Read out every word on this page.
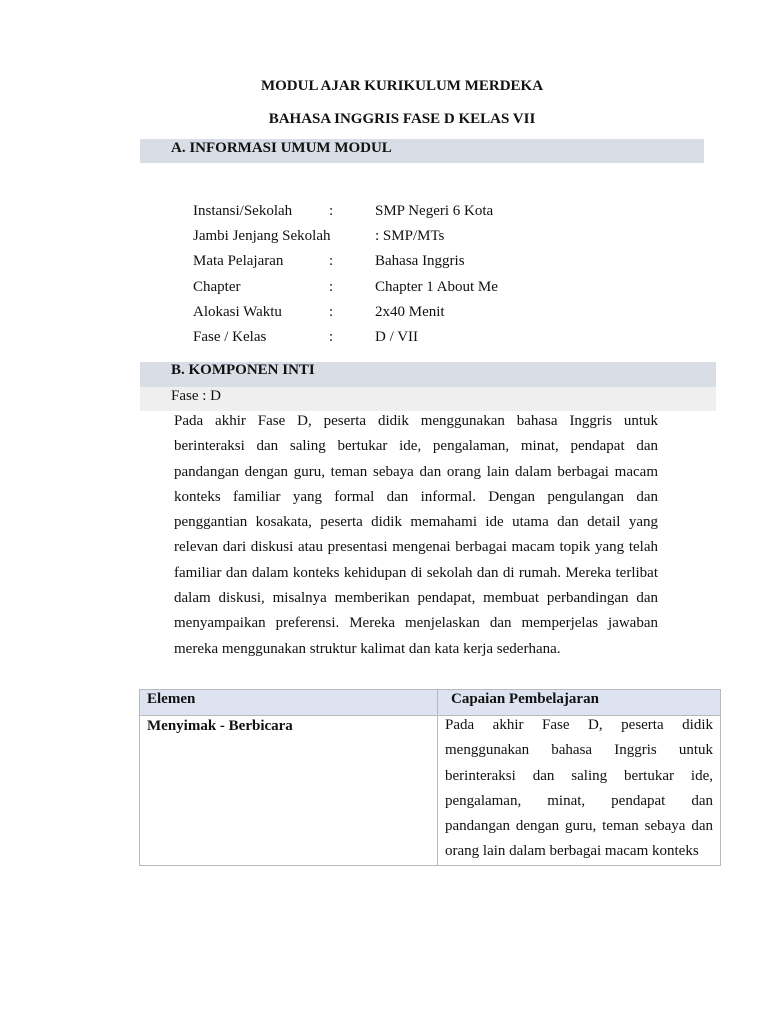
MODUL AJAR KURIKULUM MERDEKA
BAHASA INGGRIS FASE D KELAS VII
A. INFORMASI UMUM MODUL
Instansi/Sekolah :	SMP Negeri 6 Kota
Jambi Jenjang Sekolah	: SMP/MTs
Mata Pelajaran	:	Bahasa Inggris
Chapter	:	Chapter 1 About Me
Alokasi Waktu	:	2x40 Menit
Fase / Kelas	:	D / VII
B. KOMPONEN INTI
Fase : D
Pada akhir Fase D, peserta didik menggunakan bahasa Inggris untuk berinteraksi dan saling bertukar ide, pengalaman, minat, pendapat dan pandangan dengan guru, teman sebaya dan orang lain dalam berbagai macam konteks familiar yang formal dan informal. Dengan pengulangan dan penggantian kosakata, peserta didik memahami ide utama dan detail yang relevan dari diskusi atau presentasi mengenai berbagai macam topik yang telah familiar dan dalam konteks kehidupan di sekolah dan di rumah. Mereka terlibat dalam diskusi, misalnya memberikan pendapat, membuat perbandingan dan menyampaikan preferensi. Mereka menjelaskan dan memperjelas jawaban mereka menggunakan struktur kalimat dan kata kerja sederhana.
Elemen	Capaian Pembelajaran

Menyimak - Berbicara	Pada akhir Fase D, peserta didik menggunakan bahasa Inggris untuk berinteraksi dan saling bertukar ide, pengalaman, minat, pendapat dan pandangan dengan guru, teman sebaya dan orang lain dalam berbagai macam konteks
